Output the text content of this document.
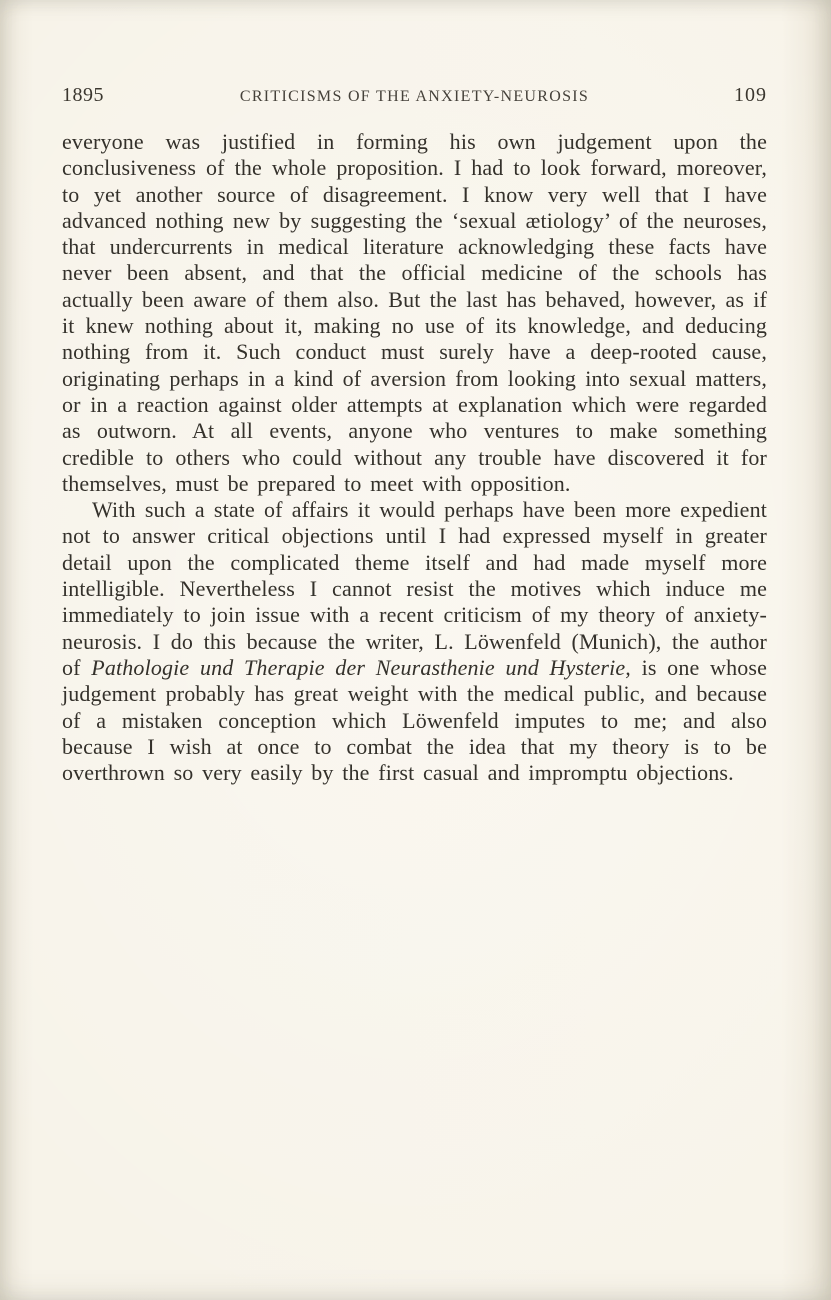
1895	CRITICISMS OF THE ANXIETY-NEUROSIS	109

everyone was justified in forming his own judgement upon the conclusiveness of the whole proposition. I had to look forward, moreover, to yet another source of disagreement. I know very well that I have advanced nothing new by suggesting the ‘sexual ætiology’ of the neuroses, that undercurrents in medical literature acknowledging these facts have never been absent, and that the official medicine of the schools has actually been aware of them also. But the last has behaved, however, as if it knew nothing about it, making no use of its knowledge, and deducing nothing from it. Such conduct must surely have a deep-rooted cause, originating perhaps in a kind of aversion from looking into sexual matters, or in a reaction against older attempts at explanation which were regarded as outworn. At all events, anyone who ventures to make something credible to others who could without any trouble have discovered it for themselves, must be prepared to meet with opposition.

With such a state of affairs it would perhaps have been more expedient not to answer critical objections until I had expressed myself in greater detail upon the complicated theme itself and had made myself more intelligible. Nevertheless I cannot resist the motives which induce me immediately to join issue with a recent criticism of my theory of anxiety-neurosis. I do this because the writer, L. Löwenfeld (Munich), the author of Pathologie und Therapie der Neurasthenie und Hysterie, is one whose judgement probably has great weight with the medical public, and because of a mistaken conception which Löwenfeld imputes to me; and also because I wish at once to combat the idea that my theory is to be overthrown so very easily by the first casual and impromptu objections.
